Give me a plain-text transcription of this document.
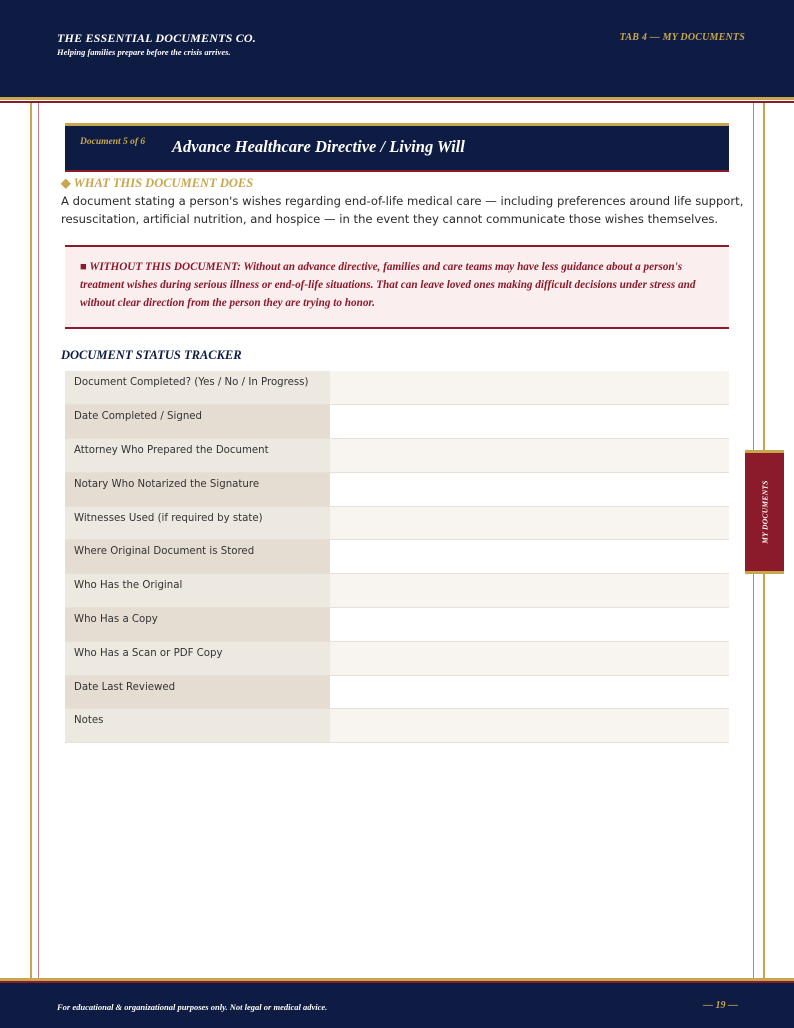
THE ESSENTIAL DOCUMENTS CO.
Helping families prepare before the crisis arrives.
TAB 4 — MY DOCUMENTS
MY DOCUMENTS
Document 5 of 6 Advance Healthcare Directive / Living Will
◆ WHAT THIS DOCUMENT DOES
A document stating a person's wishes regarding end-of-life medical care — including preferences around life support, resuscitation, artificial nutrition, and hospice — in the event they cannot communicate those wishes themselves.
■ WITHOUT THIS DOCUMENT: Without an advance directive, families and care teams may have less guidance about a person's treatment wishes during serious illness or end-of-life situations. That can leave loved ones making difficult decisions under stress and without clear direction from the person they are trying to honor.
DOCUMENT STATUS TRACKER
Document Completed? (Yes / No / In Progress)	
Date Completed / Signed	
Attorney Who Prepared the Document	
Notary Who Notarized the Signature	
Witnesses Used (if required by state)	
Where Original Document is Stored	
Who Has the Original	
Who Has a Copy	
Who Has a Scan or PDF Copy	
Date Last Reviewed	
Notes	
For educational & organizational purposes only. Not legal or medical advice.	— 19 —
